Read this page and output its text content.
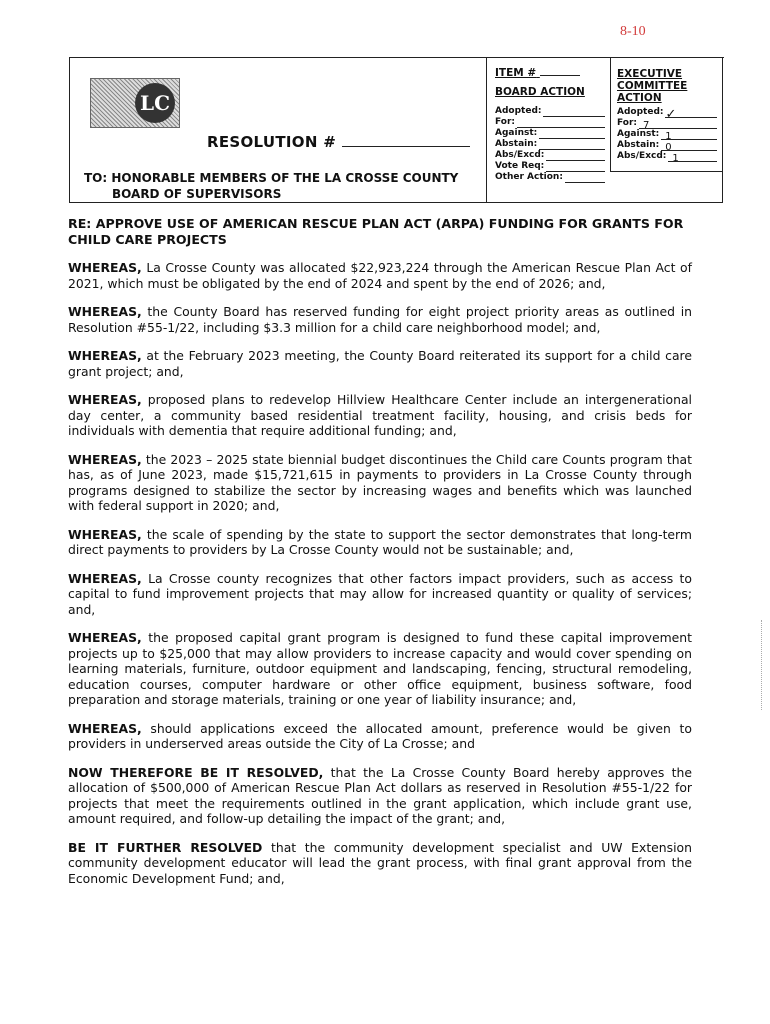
8-10
LC
RESOLUTION #
TO: HONORABLE MEMBERS OF THE LA CROSSE COUNTY
BOARD OF SUPERVISORS
ITEM #
BOARD ACTION
Adopted:
For:
Against:
Abstain:
Abs/Excd:
Vote Req:
Other Action:
EXECUTIVE
COMMITTEE
ACTION
Adopted: ✓
For: 7
Against: 1
Abstain: 0
Abs/Excd: 1
RE: APPROVE USE OF AMERICAN RESCUE PLAN ACT (ARPA) FUNDING FOR GRANTS FOR CHILD CARE PROJECTS

WHEREAS, La Crosse County was allocated $22,923,224 through the American Rescue Plan Act of 2021, which must be obligated by the end of 2024 and spent by the end of 2026; and,

WHEREAS, the County Board has reserved funding for eight project priority areas as outlined in Resolution #55-1/22, including $3.3 million for a child care neighborhood model; and,

WHEREAS, at the February 2023 meeting, the County Board reiterated its support for a child care grant project; and,

WHEREAS, proposed plans to redevelop Hillview Healthcare Center include an intergenerational day center, a community based residential treatment facility, housing, and crisis beds for individuals with dementia that require additional funding; and,

WHEREAS, the 2023 – 2025 state biennial budget discontinues the Child care Counts program that has, as of June 2023, made $15,721,615 in payments to providers in La Crosse County through programs designed to stabilize the sector by increasing wages and benefits which was launched with federal support in 2020; and,

WHEREAS, the scale of spending by the state to support the sector demonstrates that long-term direct payments to providers by La Crosse County would not be sustainable; and,

WHEREAS, La Crosse county recognizes that other factors impact providers, such as access to capital to fund improvement projects that may allow for increased quantity or quality of services; and,

WHEREAS, the proposed capital grant program is designed to fund these capital improvement projects up to $25,000 that may allow providers to increase capacity and would cover spending on learning materials, furniture, outdoor equipment and landscaping, fencing, structural remodeling, education courses, computer hardware or other office equipment, business software, food preparation and storage materials, training or one year of liability insurance; and,

WHEREAS, should applications exceed the allocated amount, preference would be given to providers in underserved areas outside the City of La Crosse; and

NOW THEREFORE BE IT RESOLVED, that the La Crosse County Board hereby approves the allocation of $500,000 of American Rescue Plan Act dollars as reserved in Resolution #55-1/22 for projects that meet the requirements outlined in the grant application, which include grant use, amount required, and follow-up detailing the impact of the grant; and,

BE IT FURTHER RESOLVED that the community development specialist and UW Extension community development educator will lead the grant process, with final grant approval from the Economic Development Fund; and,
